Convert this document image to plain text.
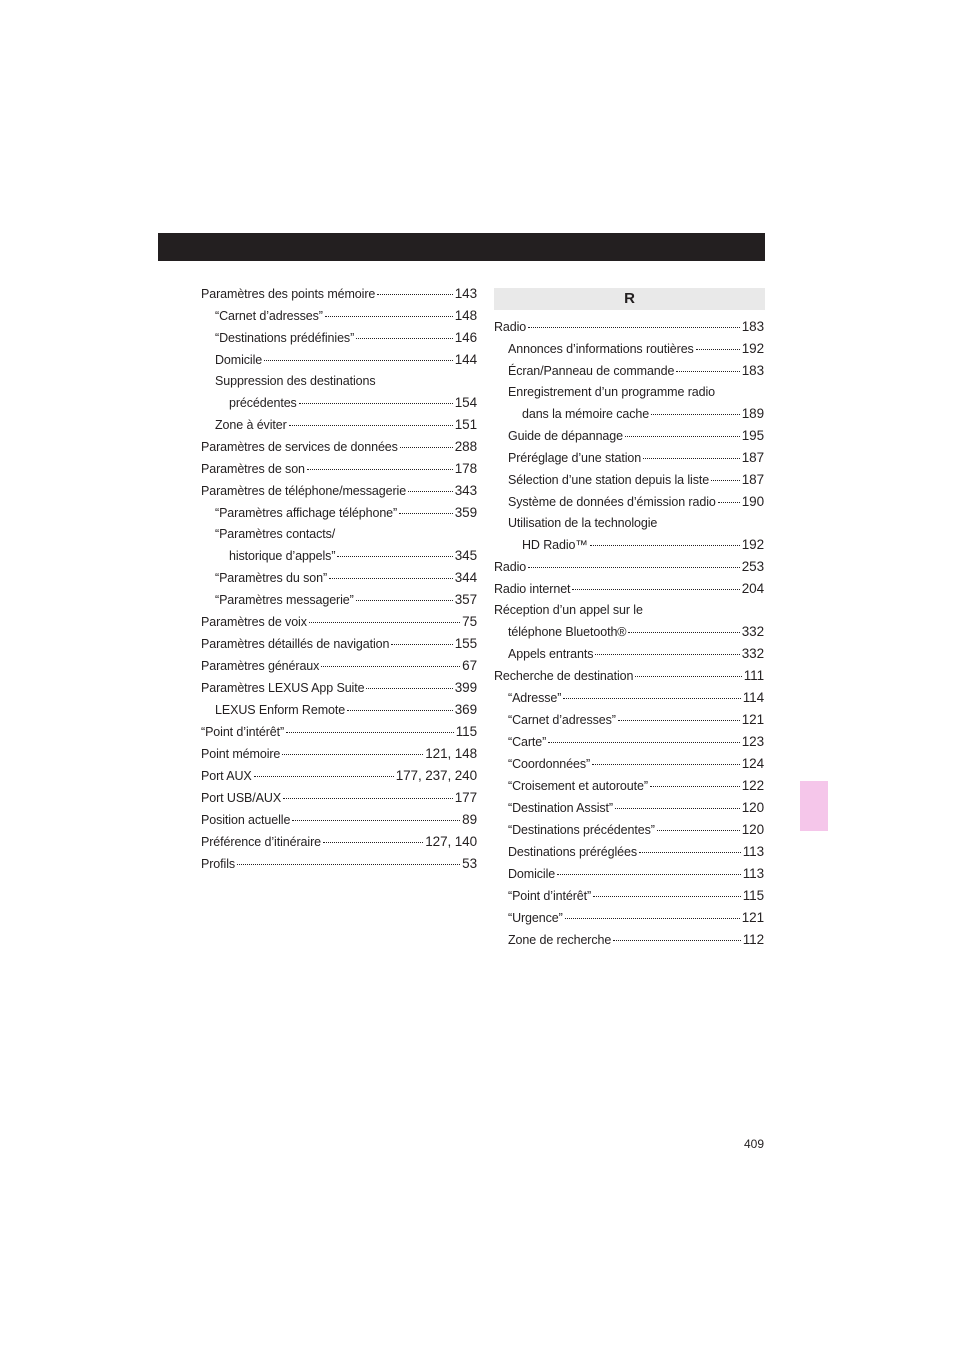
Paramètres des points mémoire	143
“Carnet d’adresses”	148
“Destinations prédéfinies”	146
Domicile	144
Suppression des destinations
précédentes	154
Zone à éviter	151
Paramètres de services de données	288
Paramètres de son	178
Paramètres de téléphone/messagerie	343
“Paramètres affichage téléphone”	359
“Paramètres contacts/
historique d’appels”	345
“Paramètres du son”	344
“Paramètres messagerie”	357
Paramètres de voix	75
Paramètres détaillés de navigation	155
Paramètres généraux	67
Paramètres LEXUS App Suite	399
LEXUS Enform Remote	369
“Point d’intérêt”	115
Point mémoire	121, 148
Port AUX	177, 237, 240
Port USB/AUX	177
Position actuelle	89
Préférence d’itinéraire	127, 140
Profils	53
R
Radio	183
Annonces d’informations routières	192
Écran/Panneau de commande	183
Enregistrement d’un programme radio
dans la mémoire cache	189
Guide de dépannage	195
Préréglage d’une station	187
Sélection d’une station depuis la liste 187
Système de données d’émission radio 190
Utilisation de la technologie
HD Radio™	192
Radio	253
Radio internet	204
Réception d’un appel sur le
téléphone Bluetooth®	332
Appels entrants	332
Recherche de destination	111
“Adresse”	114
“Carnet d’adresses”	121
“Carte”	123
“Coordonnées”	124
“Croisement et autoroute”	122
“Destination Assist”	120
“Destinations précédentes”	120
Destinations préréglées	113
Domicile	113
“Point d’intérêt”	115
“Urgence”	121
Zone de recherche	112
409
